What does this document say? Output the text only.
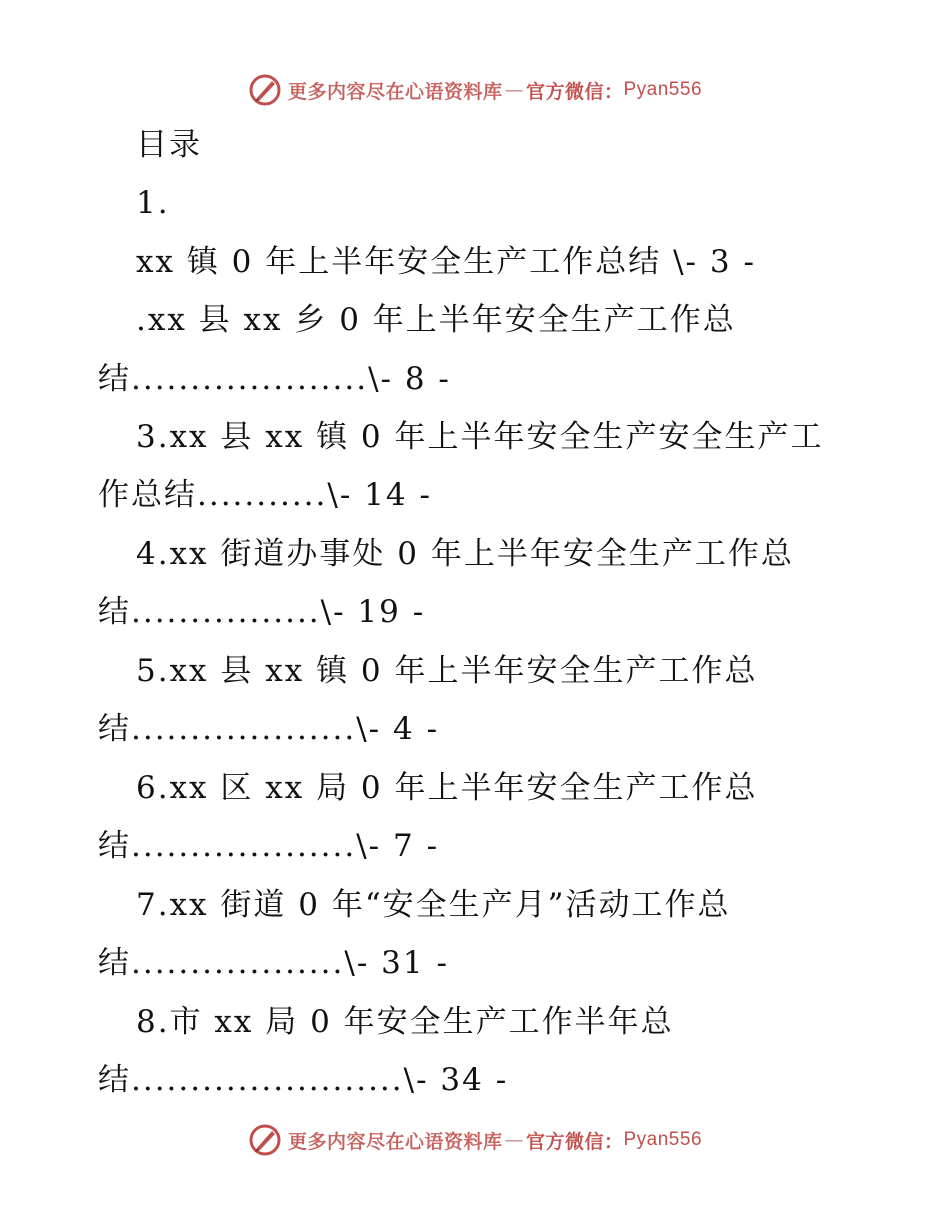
更多内容尽在心语资料库 — 官方微信： Pyan556
目录
1.
xx 镇 0 年上半年安全生产工作总结 \- 3 -
.xx 县 xx 乡 0 年上半年安全生产工作总
结....................\- 8 -
3.xx 县 xx 镇 0 年上半年安全生产安全生产工
作总结...........\- 14 -
4.xx 街道办事处 0 年上半年安全生产工作总
结................\- 19 -
5.xx 县 xx 镇 0 年上半年安全生产工作总
结...................\- 4 -
6.xx 区 xx 局 0 年上半年安全生产工作总
结...................\- 7 -
7.xx 街道 0 年“安全生产月”活动工作总
结..................\- 31 -
8.市 xx 局 0 年安全生产工作半年总
结.......................\- 34 -
更多内容尽在心语资料库 — 官方微信： Pyan556
